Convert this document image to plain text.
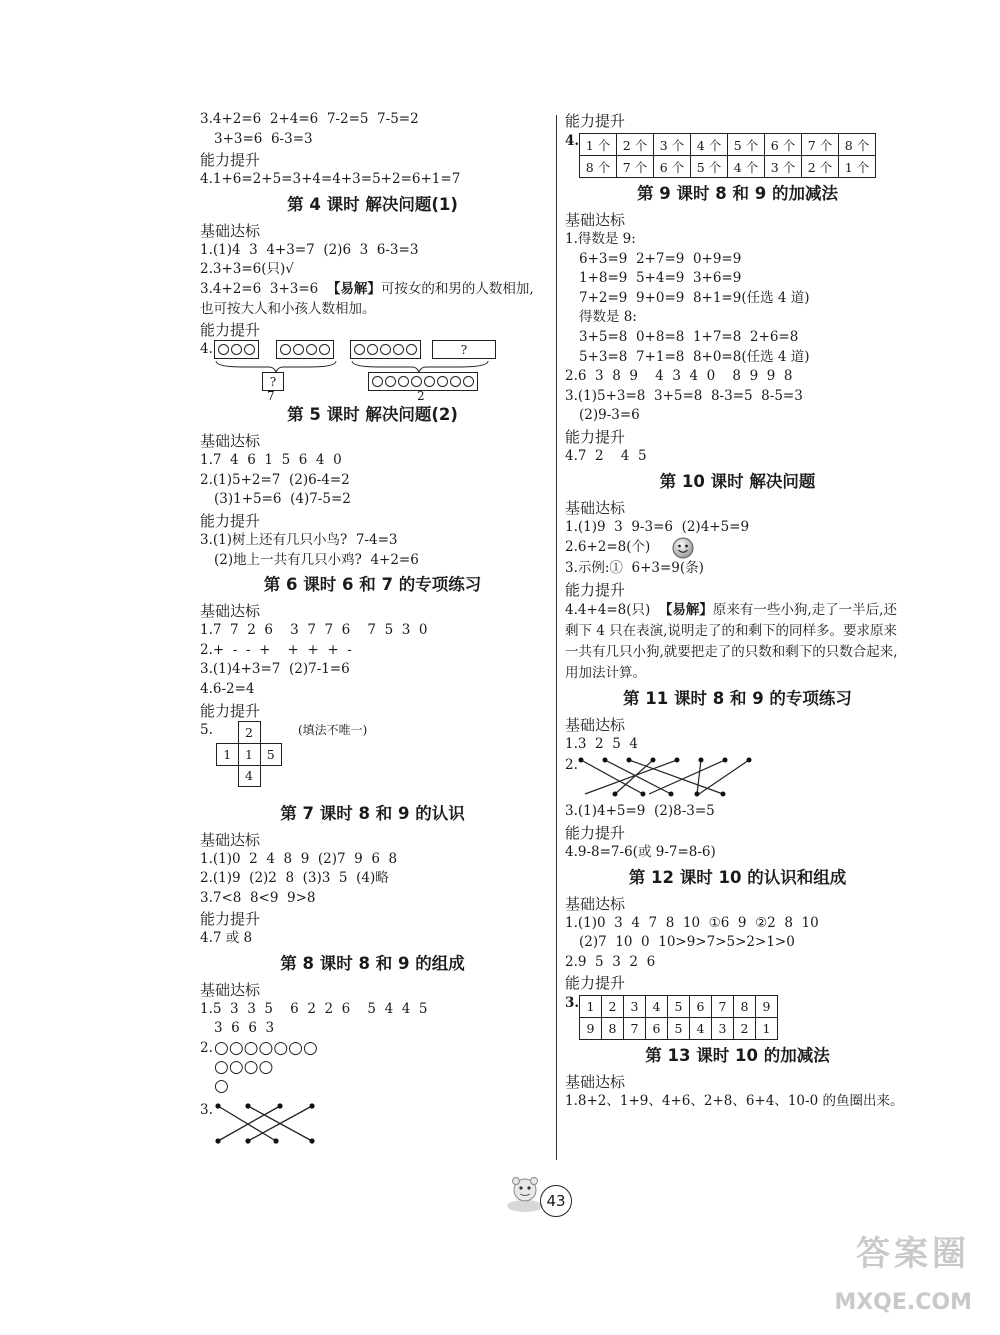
3.4+2=6  2+4=6  7-2=5  7-5=2
3+3=6  6-3=3
能力提升
4.1+6=2+5=3+4=4+3=5+2=6+1=7
第 4 课时 解决问题(1)
基础达标
1.(1)4  3  4+3=7  (2)6  3  6-3=3
2.3+3=6(只)√
3.4+2=6  3+3=6  【易解】可按女的和男的人数相加,也可按大人和小孩人数相加。
能力提升
4.
?
7
?
2
第 5 课时 解决问题(2)
基础达标
1.7  4  6  1  5  6  4  0
2.(1)5+2=7  (2)6-4=2
(3)1+5=6  (4)7-5=2
能力提升
3.(1)树上还有几只小鸟?  7-4=3
(2)地上一共有几只小鸡?  4+2=6
第 6 课时 6 和 7 的专项练习
基础达标
1.7  7  2  6    3  7  7  6    7  5  3  0
2.+  -  -  +    +  +  +  -
3.(1)4+3=7  (2)7-1=6
4.6-2=4
能力提升
5.	(填法不唯一)
	2	
1	1	5
	4	
第 7 课时 8 和 9 的认识
基础达标
1.(1)0  2  4  8  9  (2)7  9  6  8
2.(1)9  (2)2  8  (3)3  5  (4)略
3.7<8  8<9  9>8
能力提升
4.7 或 8
第 8 课时 8 和 9 的组成
基础达标
1.5  3  3  5    6  2  2  6    5  4  4  5
3  6  6  3
2. ○○○○○○○
○○○○
○
3.
能力提升
4. 1 个	2 个	3 个	4 个	5 个	6 个	7 个	8 个
8 个	7 个	6 个	5 个	4 个	3 个	2 个	1 个
第 9 课时 8 和 9 的加减法
基础达标
1.得数是 9:
6+3=9  2+7=9  0+9=9
1+8=9  5+4=9  3+6=9
7+2=9  9+0=9  8+1=9(任选 4 道)
得数是 8:
3+5=8  0+8=8  1+7=8  2+6=8
5+3=8  7+1=8  8+0=8(任选 4 道)
2.6  3  8  9    4  3  4  0    8  9  9  8
3.(1)5+3=8  3+5=8  8-3=5  8-5=3
(2)9-3=6
能力提升
4.7  2    4  5
第 10 课时 解决问题
基础达标
1.(1)9  3  9-3=6  (2)4+5=9
2.6+2=8(个)
3.示例:①  6+3=9(条)
能力提升
4.4+4=8(只)  【易解】原来有一些小狗,走了一半后,还剩下 4 只在表演,说明走了的和剩下的同样多。要求原来一共有几只小狗,就要把走了的只数和剩下的只数合起来,用加法计算。
第 11 课时 8 和 9 的专项练习
基础达标
1.3  2  5  4
2.
3.(1)4+5=9  (2)8-3=5
能力提升
4.9-8=7-6(或 9-7=8-6)
第 12 课时 10 的认识和组成
基础达标
1.(1)0  3  4  7  8  10  ①6  9  ②2  8  10
(2)7  10  0  10>9>7>5>2>1>0
2.9  5  3  2  6
能力提升
3. 1	2	3	4	5	6	7	8	9
9	8	7	6	5	4	3	2	1
第 13 课时 10 的加减法
基础达标
1.8+2、1+9、4+6、2+8、6+4、10-0 的鱼圈出来。
43
答案圈
MXQE.COM
